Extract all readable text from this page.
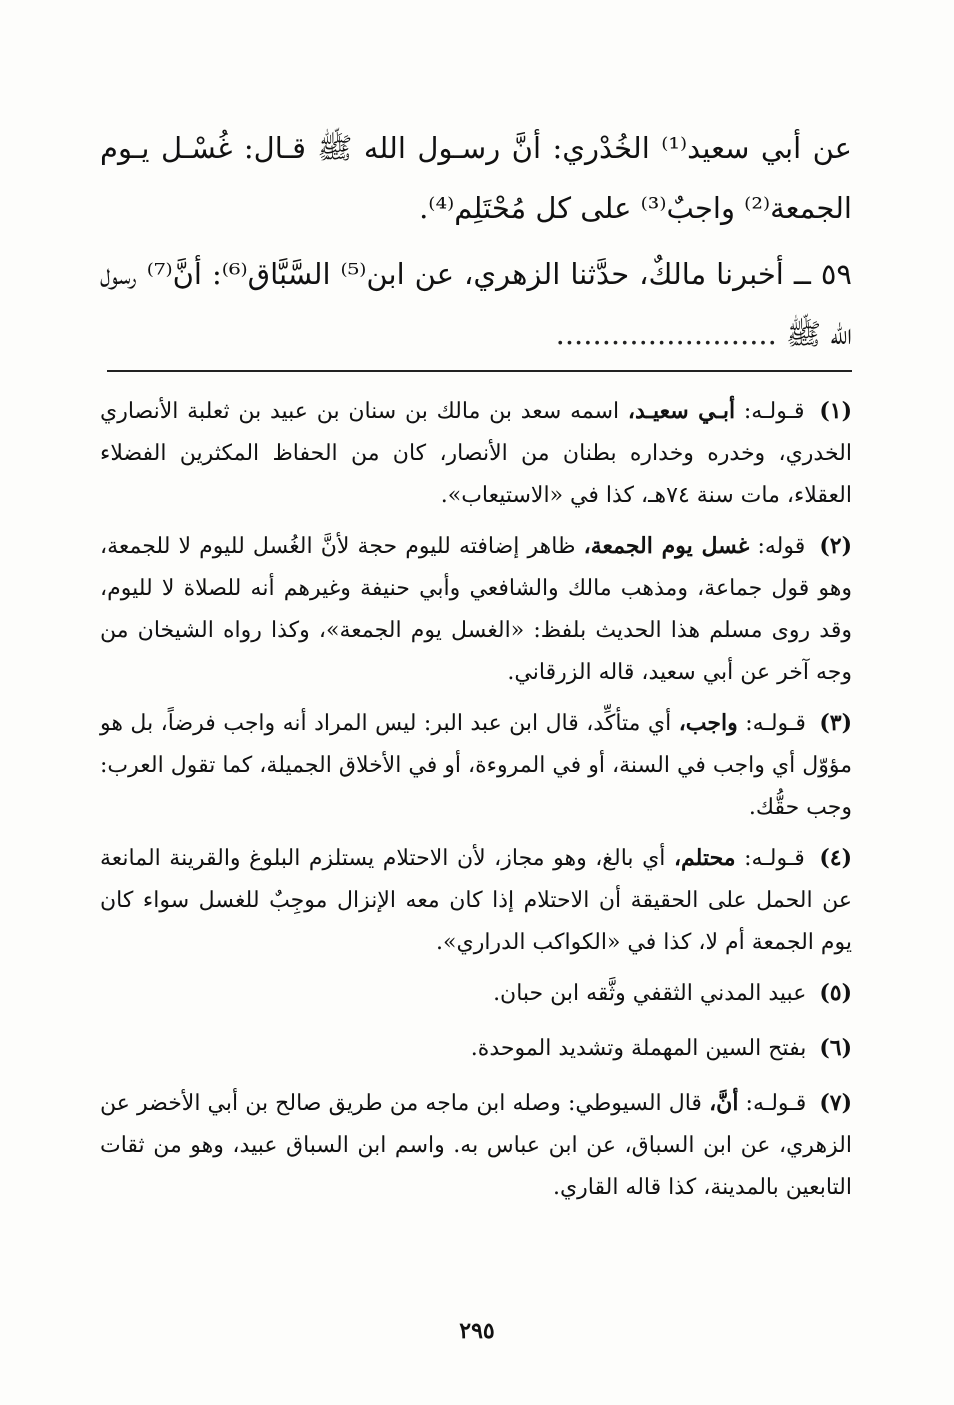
عن أبي سعيد⁽¹⁾ الخُدْري: أنَّ رسـول الله ﷺ قـال: غُسْـل يـوم الجمعة⁽²⁾ واجبٌ⁽³⁾ على كل مُحْتَلِم⁽⁴⁾.

٥٩ ــ أخبرنا مالكٌ، حدَّثنا الزهري، عن ابن⁽⁵⁾ السَّبَّاق⁽⁶⁾: أنَّ⁽⁷⁾ رسول الله ﷺ ........................

(١) قـولـه: أبـي سعيـد، اسمه سعد بن مالك بن سنان بن عبيد بن ثعلبة الأنصاري الخدري، وخدره وخداره بطنان من الأنصار، كان من الحفاظ المكثرين الفضلاء العقلاء، مات سنة ٧٤هـ، كذا في «الاستيعاب».

(٢) قوله: غسل يوم الجمعة، ظاهر إضافته لليوم حجة لأنَّ الغُسل لليوم لا للجمعة، وهو قول جماعة، ومذهب مالك والشافعي وأبي حنيفة وغيرهم أنه للصلاة لا لليوم، وقد روى مسلم هذا الحديث بلفظ: «الغسل يوم الجمعة»، وكذا رواه الشيخان من وجه آخر عن أبي سعيد، قاله الزرقاني.

(٣) قـولـه: واجب، أي متأكِّد، قال ابن عبد البر: ليس المراد أنه واجب فرضاً، بل هو مؤوّل أي واجب في السنة، أو في المروءة، أو في الأخلاق الجميلة، كما تقول العرب: وجب حقُّك.

(٤) قـولـه: محتلم، أي بالغ، وهو مجاز، لأن الاحتلام يستلزم البلوغ والقرينة المانعة عن الحمل على الحقيقة أن الاحتلام إذا كان معه الإنزال موجِبٌ للغسل سواء كان يوم الجمعة أم لا، كذا في «الكواكب الدراري».

(٥) عبيد المدني الثقفي وثَّقه ابن حبان.

(٦) بفتح السين المهملة وتشديد الموحدة.

(٧) قـولـه: أنَّ، قال السيوطي: وصله ابن ماجه من طريق صالح بن أبي الأخضر عن الزهري، عن ابن السباق، عن ابن عباس به. واسم ابن السباق عبيد، وهو من ثقات التابعين بالمدينة، كذا قاله القاري.

٢٩٥
